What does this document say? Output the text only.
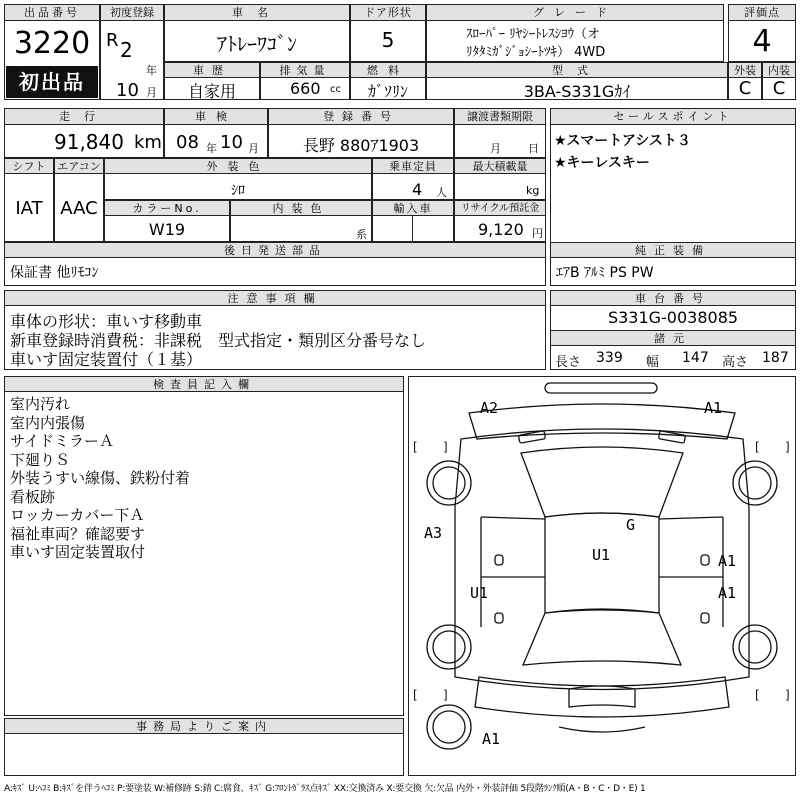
出品番号
3220
初出品
初度登録
R 2
年
10 月
車名
ｱﾄﾚｰﾜｺﾞﾝ
ドア形状
5
グレード
ｽﾛｰﾊﾟｰ ﾘﾔｼｰﾄﾚｽｼﾖｳ（オ
ﾘﾀﾀﾐｶﾞｼﾞｮｼｰﾄﾂｷ） 4WD
評価点
4
車歴
自家用
排気量
660 cc
燃料
ｶﾞｿﾘﾝ
型式
3BA-S331Gｶｲ
外装
C
内装
C
走行
91,840 km
車検
08 年 10 月
登録番号
長野 880ｱ1903
譲渡書類期限
月 日
セールスポイント
★スマートアシスト３
★キーレスキー
シフト
IAT
エアコン
AAC
外装色
ｼﾛ
乗車定員
4 人
最大積載量
kg
カラーNo.
W19
内装色
系
輸入車	リサイクル預託金
9,120 円
後日発送部品
保証書 他ﾘﾓｺﾝ
純正装備
ｴｱB ｱﾙﾐ PS PW
注意事項欄
車体の形状：車いす移動車
新車登録時消費税：非課税　型式指定・類別区分番号なし
車いす固定装置付（１基）
車台番号
S331G-0038085
諸元
長さ 339 幅 147 高さ 187
検査員記入欄
室内汚れ
室内内張傷
サイドミラーＡ
下廻りＳ
外装うすい線傷、鉄粉付着
看板跡
ロッカーカバー下Ａ
福祉車両？確認要す
車いす固定装置取付
事務局よりご案内
[ ]	[ ]
[ ]	[ ]
A2	A1
A3	G
U1	A1
U1	A1
A1
A:ｷｽﾞ U:ﾍｺﾐ B:ｷｽﾞを伴うﾍｺﾐ P:要塗装 W:補修跡 S:錆 C:腐食、ｷｽﾞ G:ﾌﾛﾝﾄｶﾞﾗｽ点ｷｽﾞ XX:交換済み X:要交換 欠:欠品 内外・外装評価 5段階ﾗﾝｸ順(A・B・C・D・E) 1
